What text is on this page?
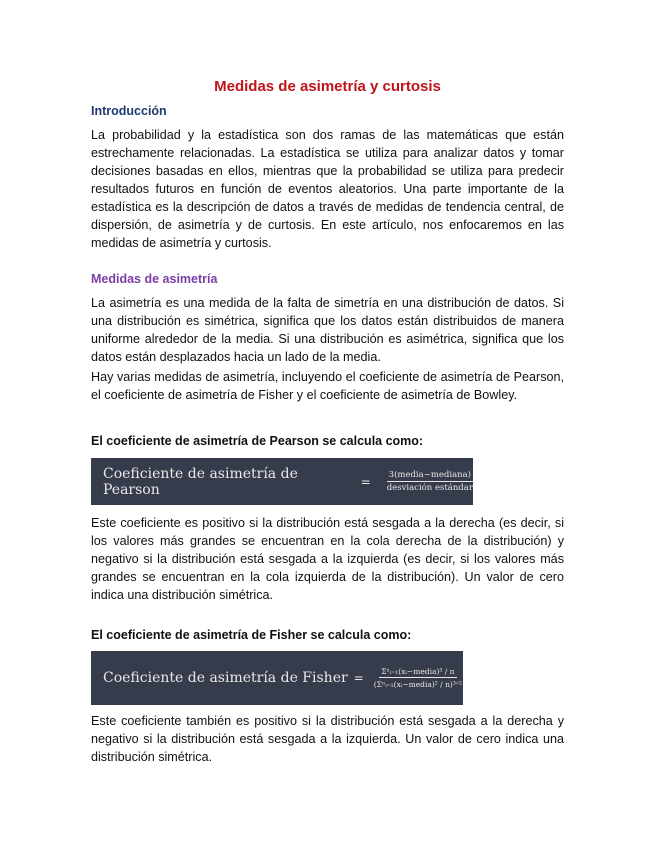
Medidas de asimetría y curtosis
Introducción

La probabilidad y la estadística son dos ramas de las matemáticas que están estrechamente relacionadas. La estadística se utiliza para analizar datos y tomar decisiones basadas en ellos, mientras que la probabilidad se utiliza para predecir resultados futuros en función de eventos aleatorios. Una parte importante de la estadística es la descripción de datos a través de medidas de tendencia central, de dispersión, de asimetría y de curtosis. En este artículo, nos enfocaremos en las medidas de asimetría y curtosis.

Medidas de asimetría

La asimetría es una medida de la falta de simetría en una distribución de datos. Si una distribución es simétrica, significa que los datos están distribuidos de manera uniforme alrededor de la media. Si una distribución es asimétrica, significa que los datos están desplazados hacia un lado de la media.

Hay varias medidas de asimetría, incluyendo el coeficiente de asimetría de Pearson, el coeficiente de asimetría de Fisher y el coeficiente de asimetría de Bowley.

El coeficiente de asimetría de Pearson se calcula como:
Coeficiente de asimetría de Pearson	= $\frac{\text{3(media−mediana)}}{\text{desviación estándar}}$

Este coeficiente es positivo si la distribución está sesgada a la derecha (es decir, si los valores más grandes se encuentran en la cola derecha de la distribución) y negativo si la distribución está sesgada a la izquierda (es decir, si los valores más grandes se encuentran en la cola izquierda de la distribución). Un valor de cero indica una distribución simétrica.

El coeficiente de asimetría de Fisher se calcula como:
Coeficiente de asimetría de Fisher = $\frac{\text{Σⁿᵢ₌₁(xᵢ−media)³ / n}}{\text{(Σⁿᵢ₌₁(xᵢ−media)² / n)³ᐟ²}}$

Este coeficiente también es positivo si la distribución está sesgada a la derecha y negativo si la distribución está sesgada a la izquierda. Un valor de cero indica una distribución simétrica.
